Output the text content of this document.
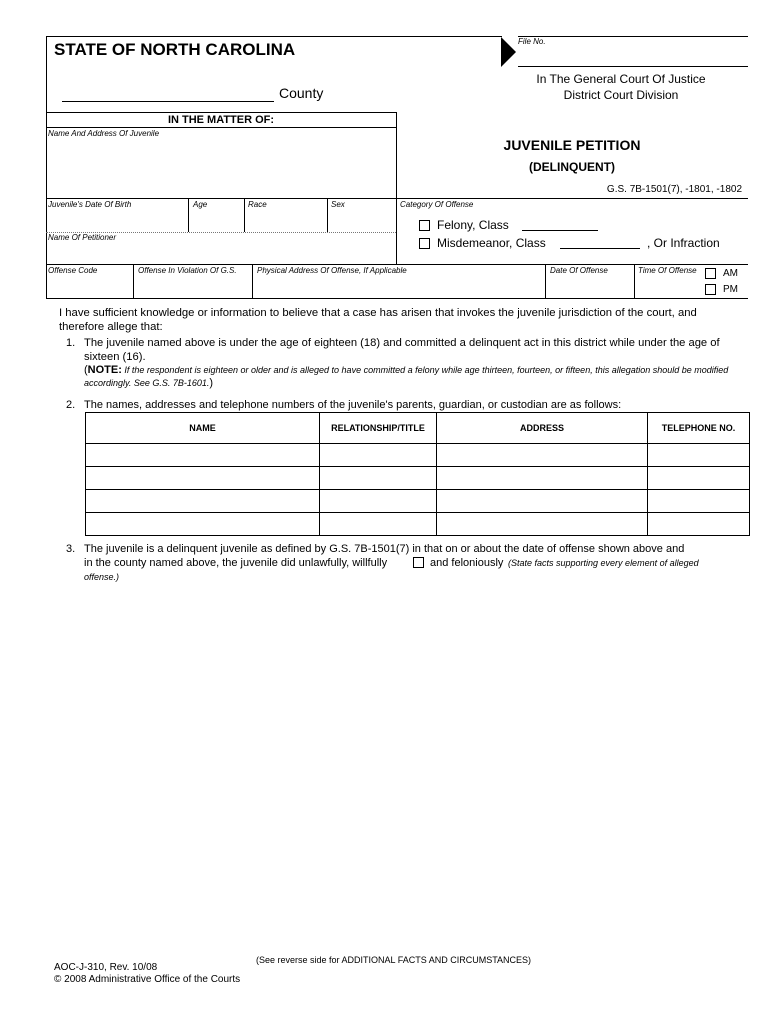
STATE OF NORTH CAROLINA
County
File No.
In The General Court Of Justice
District Court Division
IN THE MATTER OF:
Name And Address Of Juvenile
JUVENILE PETITION
(DELINQUENT)
G.S. 7B-1501(7), -1801, -1802
Juvenile's Date Of Birth	Age	Race	Sex	Category Of Offense
Name Of Petitioner
Felony, Class
Misdemeanor, Class	, Or Infraction
Offense Code	Offense In Violation Of G.S.	Physical Address Of Offense, If Applicable	Date Of Offense	Time Of Offense	AM
PM
I have sufficient knowledge or information to believe that a case has arisen that invokes the juvenile jurisdiction of the court, and therefore allege that:
1. The juvenile named above is under the age of eighteen (18) and committed a delinquent act in this district while under the age of sixteen (16).
(NOTE: If the respondent is eighteen or older and is alleged to have committed a felony while age thirteen, fourteen, or fifteen, this allegation should be modified accordingly. See G.S. 7B-1601.)
2. The names, addresses and telephone numbers of the juvenile's parents, guardian, or custodian are as follows:
NAME	RELATIONSHIP/TITLE	ADDRESS	TELEPHONE NO.

3. The juvenile is a delinquent juvenile as defined by G.S. 7B-1501(7) in that on or about the date of offense shown above and
in the county named above, the juvenile did unlawfully, willfully	and feloniously (State facts supporting every element of alleged offense.)
(See reverse side for ADDITIONAL FACTS AND CIRCUMSTANCES)
AOC-J-310, Rev. 10/08
© 2008 Administrative Office of the Courts
